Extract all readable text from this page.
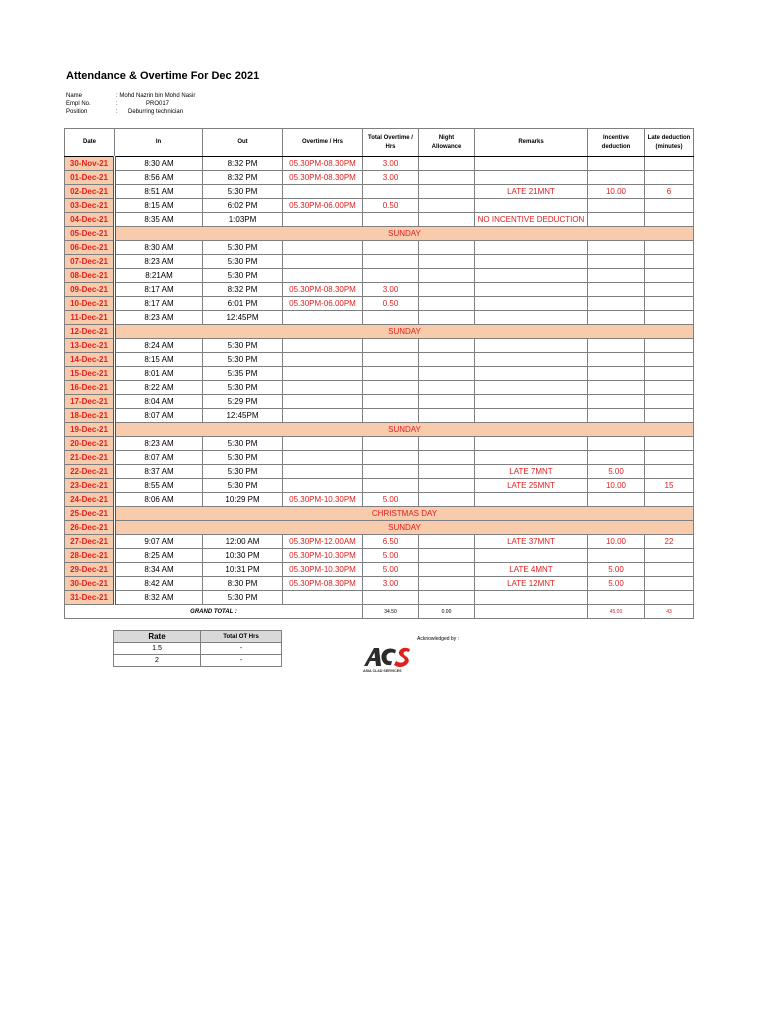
Attendance & Overtime For Dec 2021
Name	: Mohd Nazrin bin Mohd Nasir
Empl No.	:	PRO017
Position	:	Deburring technician
Date	In	Out	Overtime / Hrs	Total Overtime / Hrs	Night Allowance	Remarks	Incentive deduction	Late deduction (minutes)
30-Nov-21	8:30 AM	8:32 PM	05.30PM-08.30PM	3.00				
01-Dec-21	8:56 AM	8:32 PM	05.30PM-08.30PM	3.00				
02-Dec-21	8:51 AM	5:30 PM				LATE 21MNT	10.00	6
03-Dec-21	8:15 AM	6:02 PM	05.30PM-06.00PM	0.50				
04-Dec-21	8:35 AM	1:03PM				NO INCENTIVE DEDUCTION		
05-Dec-21	SUNDAY							
06-Dec-21	8:30 AM	5:30 PM						
07-Dec-21	8:23 AM	5:30 PM						
08-Dec-21	8:21AM	5:30 PM						
09-Dec-21	8:17 AM	8:32 PM	05.30PM-08.30PM	3.00				
10-Dec-21	8:17 AM	6:01 PM	05.30PM-06.00PM	0.50				
11-Dec-21	8:23 AM	12:45PM						
12-Dec-21	SUNDAY							
13-Dec-21	8:24 AM	5:30 PM						
14-Dec-21	8:15 AM	5:30 PM						
15-Dec-21	8:01 AM	5:35 PM						
16-Dec-21	8:22 AM	5:30 PM						
17-Dec-21	8:04 AM	5:29 PM						
18-Dec-21	8:07 AM	12:45PM						
19-Dec-21	SUNDAY							
20-Dec-21	8:23 AM	5:30 PM						
21-Dec-21	8:07 AM	5:30 PM						
22-Dec-21	8:37 AM	5:30 PM				LATE 7MNT	5.00	
23-Dec-21	8:55 AM	5:30 PM				LATE 25MNT	10.00	15
24-Dec-21	8:06 AM	10:29 PM	05.30PM-10.30PM	5.00				
25-Dec-21	CHRISTMAS DAY							
26-Dec-21	SUNDAY							
27-Dec-21	9:07 AM	12:00 AM	05.30PM-12.00AM	6.50		LATE 37MNT	10.00	22
28-Dec-21	8:25 AM	10:30 PM	05.30PM-10.30PM	5.00				
29-Dec-21	8:34 AM	10:31 PM	05.30PM-10.30PM	5.00		LATE 4MNT	5.00	
30-Dec-21	8:42 AM	8:30 PM	05.30PM-08.30PM	3.00		LATE 12MNT	5.00	
31-Dec-21	8:32 AM	5:30 PM						
GRAND TOTAL :				34.50	0.00		45.00	43
Rate	Total OT Hrs
1.5	-
2	-
Acknowledged by :
ASIA CLAD SERVICES
